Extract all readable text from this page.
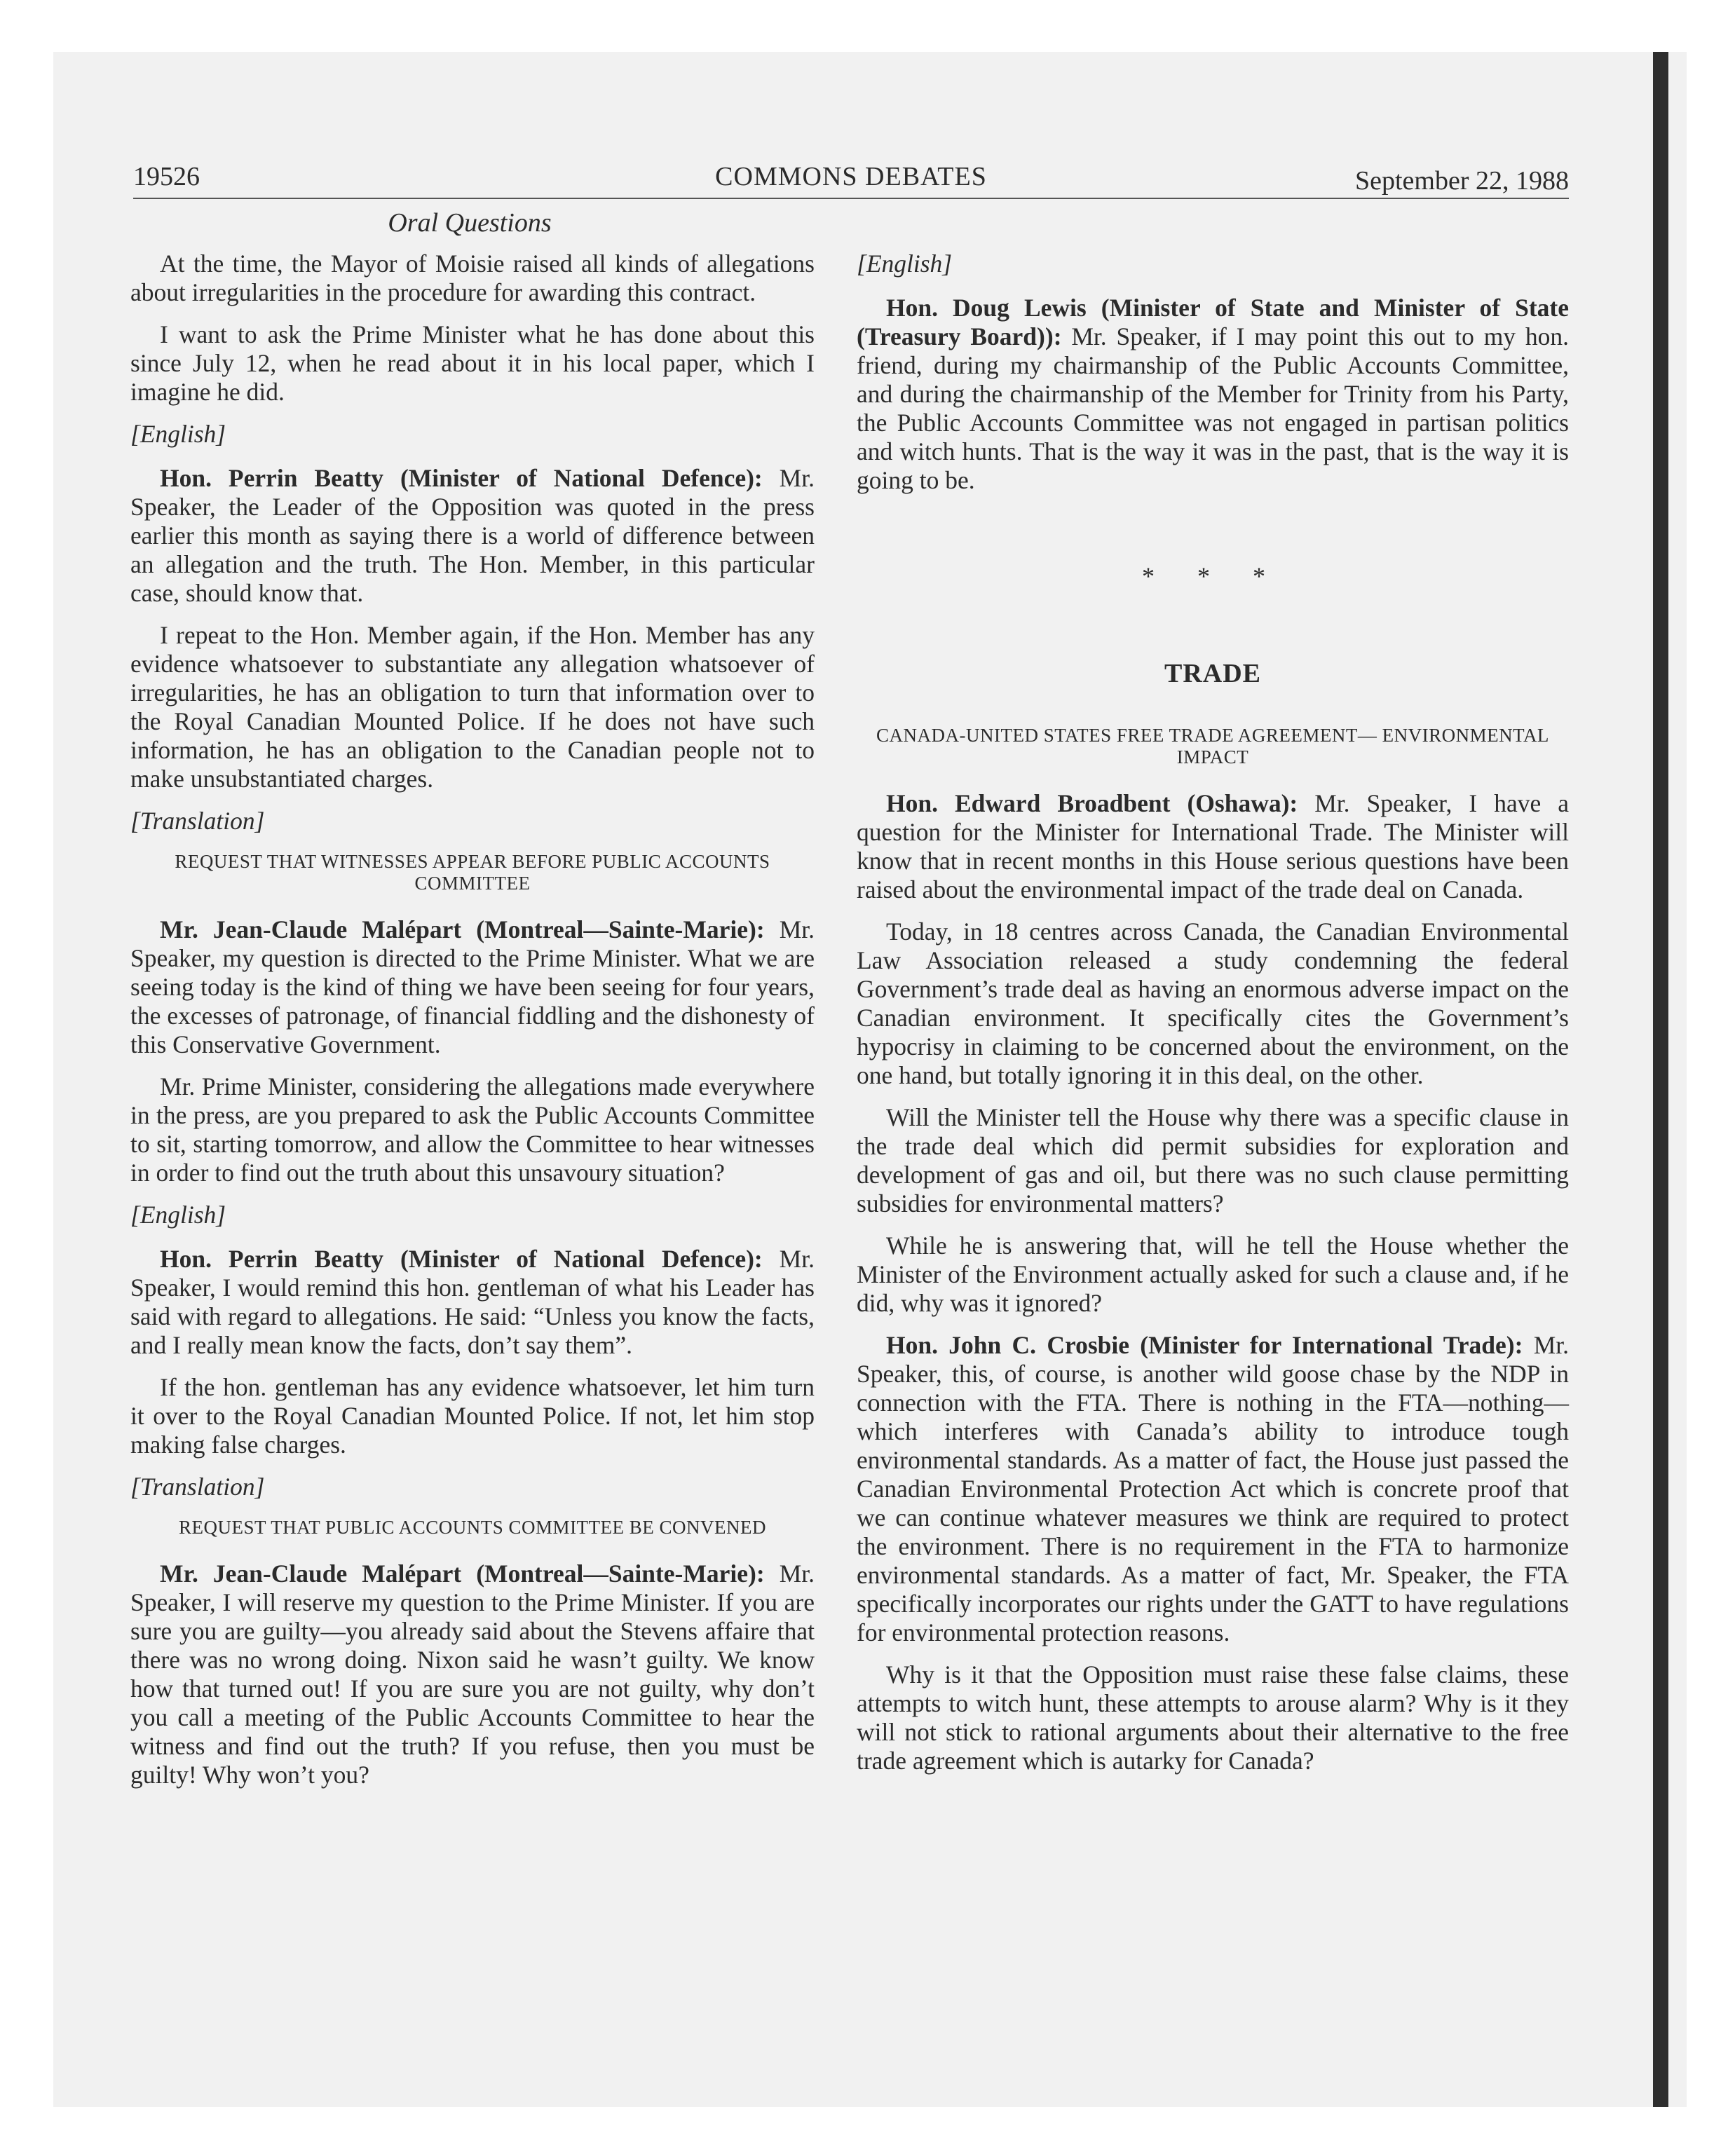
19526	COMMONS DEBATES	September 22, 1988
Oral Questions

At the time, the Mayor of Moisie raised all kinds of allegations about irregularities in the procedure for awarding this contract.

I want to ask the Prime Minister what he has done about this since July 12, when he read about it in his local paper, which I imagine he did.

[English]

Hon. Perrin Beatty (Minister of National Defence): Mr. Speaker, the Leader of the Opposition was quoted in the press earlier this month as saying there is a world of difference between an allegation and the truth. The Hon. Member, in this particular case, should know that.

I repeat to the Hon. Member again, if the Hon. Member has any evidence whatsoever to substantiate any allegation whatsoever of irregularities, he has an obligation to turn that information over to the Royal Canadian Mounted Police. If he does not have such information, he has an obligation to the Canadian people not to make unsubstantiated charges.

[Translation]

REQUEST THAT WITNESSES APPEAR BEFORE PUBLIC ACCOUNTS COMMITTEE

Mr. Jean-Claude Malépart (Montreal—Sainte-Marie): Mr. Speaker, my question is directed to the Prime Minister. What we are seeing today is the kind of thing we have been seeing for four years, the excesses of patronage, of financial fiddling and the dishonesty of this Conservative Government.

Mr. Prime Minister, considering the allegations made everywhere in the press, are you prepared to ask the Public Accounts Committee to sit, starting tomorrow, and allow the Committee to hear witnesses in order to find out the truth about this unsavoury situation?

[English]

Hon. Perrin Beatty (Minister of National Defence): Mr. Speaker, I would remind this hon. gentleman of what his Leader has said with regard to allegations. He said: “Unless you know the facts, and I really mean know the facts, don’t say them”.

If the hon. gentleman has any evidence whatsoever, let him turn it over to the Royal Canadian Mounted Police. If not, let him stop making false charges.

[Translation]

REQUEST THAT PUBLIC ACCOUNTS COMMITTEE BE CONVENED

Mr. Jean-Claude Malépart (Montreal—Sainte-Marie): Mr. Speaker, I will reserve my question to the Prime Minister. If you are sure you are guilty—you already said about the Stevens affaire that there was no wrong doing. Nixon said he wasn’t guilty. We know how that turned out! If you are sure you are not guilty, why don’t you call a meeting of the Public Accounts Committee to hear the witness and find out the truth? If you refuse, then you must be guilty! Why won’t you?

[English]

Hon. Doug Lewis (Minister of State and Minister of State (Treasury Board)): Mr. Speaker, if I may point this out to my hon. friend, during my chairmanship of the Public Accounts Committee, and during the chairmanship of the Member for Trinity from his Party, the Public Accounts Committee was not engaged in partisan politics and witch hunts. That is the way it was in the past, that is the way it is going to be.

* * *
TRADE

CANADA-UNITED STATES FREE TRADE AGREEMENT— ENVIRONMENTAL IMPACT

Hon. Edward Broadbent (Oshawa): Mr. Speaker, I have a question for the Minister for International Trade. The Minister will know that in recent months in this House serious questions have been raised about the environmental impact of the trade deal on Canada.

Today, in 18 centres across Canada, the Canadian Environmental Law Association released a study condemning the federal Government’s trade deal as having an enormous adverse impact on the Canadian environment. It specifically cites the Government’s hypocrisy in claiming to be concerned about the environment, on the one hand, but totally ignoring it in this deal, on the other.

Will the Minister tell the House why there was a specific clause in the trade deal which did permit subsidies for exploration and development of gas and oil, but there was no such clause permitting subsidies for environmental matters?

While he is answering that, will he tell the House whether the Minister of the Environment actually asked for such a clause and, if he did, why was it ignored?

Hon. John C. Crosbie (Minister for International Trade): Mr. Speaker, this, of course, is another wild goose chase by the NDP in connection with the FTA. There is nothing in the FTA—nothing—which interferes with Canada’s ability to introduce tough environmental standards. As a matter of fact, the House just passed the Canadian Environmental Protection Act which is concrete proof that we can continue whatever measures we think are required to protect the environment. There is no requirement in the FTA to harmonize environmental standards. As a matter of fact, Mr. Speaker, the FTA specifically incorporates our rights under the GATT to have regulations for environmental protection reasons.

Why is it that the Opposition must raise these false claims, these attempts to witch hunt, these attempts to arouse alarm? Why is it they will not stick to rational arguments about their alternative to the free trade agreement which is autarky for Canada?
